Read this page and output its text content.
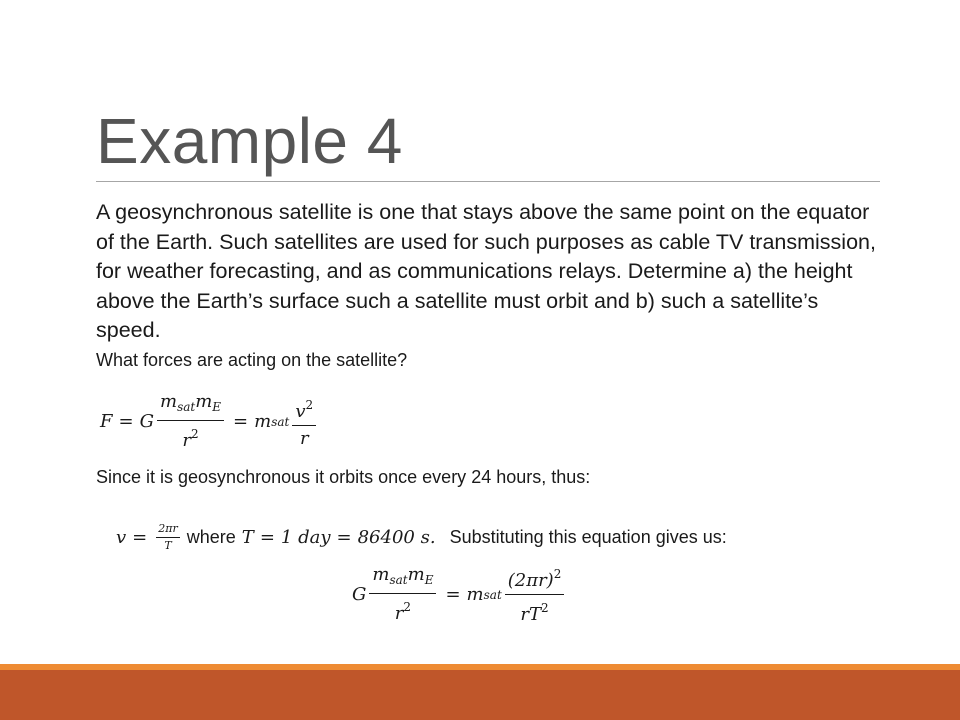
Example 4

A geosynchronous satellite is one that stays above the same point on the equator of the Earth. Such satellites are used for such purposes as cable TV transmission, for weather forecasting, and as communications relays. Determine a) the height above the Earth’s surface such a satellite must orbit and b) such a satellite’s speed.

What forces are acting on the satellite?

F = G $\frac{m_{sat}m_E}{r^2} = m$ sat $\frac{v^2}{r}$

Since it is geosynchronous it orbits once every 24 hours, thus:

$v = \frac{2\pi r}{T}$ where T = 1 day = 86400 s. Substituting this equation gives us:
G $\frac{m_{sat}m_E}{r^2} = m$ sat $\frac{(2\pi r)^2}{rT^2}$
